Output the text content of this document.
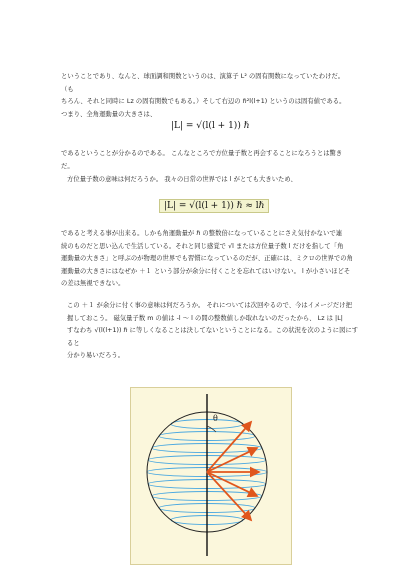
ということであり、なんと、球面調和関数というのは、演算子 L² の固有関数になっていたわけだ。（も
ちろん、それと同時に Lz の固有関数でもある。）そして右辺の ℏ²l(l+1) というのは固有値である。
つまり、全角運動量の大きさは、

|L| = √(l(l + 1)) ℏ

であるということが分かるのである。 こんなところで方位量子数と再会することになろうとは驚きだ。

方位量子数の意味は何だろうか。 我々の日常の世界では l がとても大きいため、

|L| = √(l(l + 1)) ℏ ≈ lℏ

であると考える事が出来る。しかも角運動量が ℏ の整数倍になっていることにさえ気付かないで連
続のものだと思い込んで生活している。それと同じ感覚で √l または方位量子数 l だけを指して「角
運動量の大きさ」と呼ぶのが物理の世界でも習慣になっているのだが、正確には、ミクロの世界での角
運動量の大きさにはなぜか ＋１ という部分が余分に付くことを忘れてはいけない。 l が小さいほどそ
の差は無視できない。

この ＋１ が余分に付く事の意味は何だろうか。 それについては次回やるので、今はイメージだけ把
握しておこう。 磁気量子数 m の値は -l ～ l の間の整数値しか取れないのだったから、 Lz は |L|
すなわち √(l(l+1)) ℏ に等しくなることは決してないということになる。この状況を次のように図にすると
分かり易いだろう。

θ
